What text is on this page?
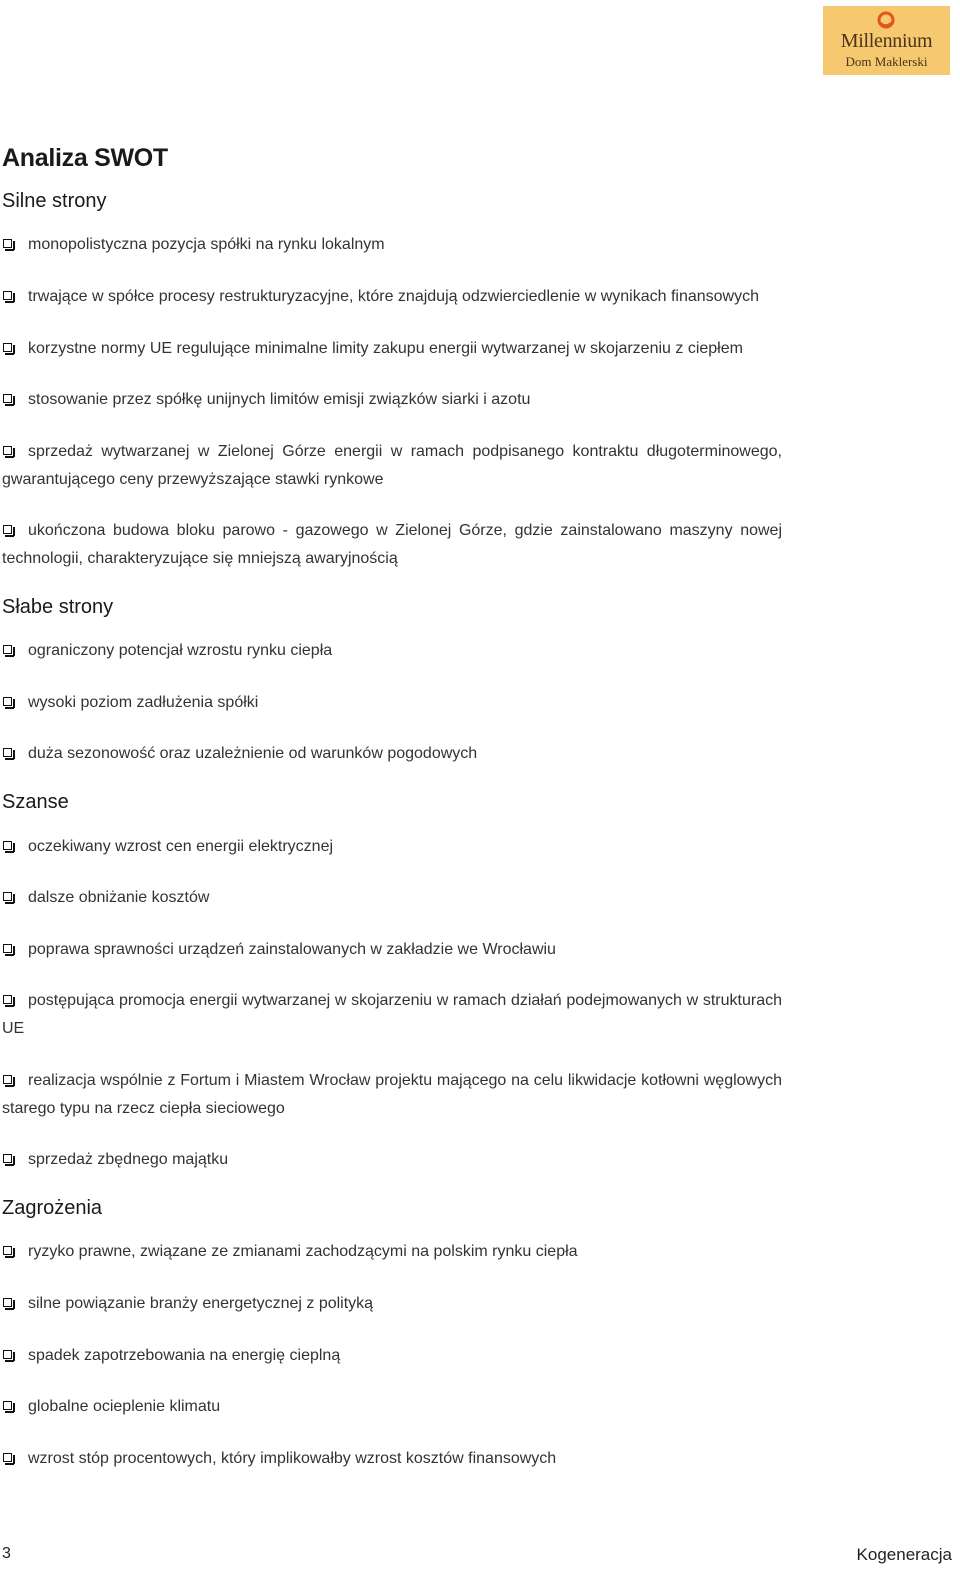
Millennium
Dom Maklerski
Analiza SWOT
Silne strony
monopolistyczna pozycja spółki na rynku lokalnym
trwające w spółce procesy restrukturyzacyjne, które znajdują odzwierciedlenie w wynikach finansowych
korzystne normy UE regulujące minimalne limity zakupu energii wytwarzanej w skojarzeniu z ciepłem
stosowanie przez spółkę unijnych limitów emisji związków siarki i azotu
sprzedaż wytwarzanej w Zielonej Górze energii w ramach podpisanego kontraktu długoterminowego, gwarantującego ceny przewyższające stawki rynkowe
ukończona budowa bloku parowo - gazowego w Zielonej Górze, gdzie zainstalowano maszyny nowej technologii, charakteryzujące się mniejszą awaryjnością
Słabe strony
ograniczony potencjał wzrostu rynku ciepła
wysoki poziom zadłużenia spółki
duża sezonowość oraz uzależnienie od warunków pogodowych
Szanse
oczekiwany wzrost cen energii elektrycznej
dalsze obniżanie kosztów
poprawa sprawności urządzeń zainstalowanych w zakładzie we Wrocławiu
postępująca promocja energii wytwarzanej w skojarzeniu w ramach działań podejmowanych w strukturach UE
realizacja wspólnie z Fortum i Miastem Wrocław projektu mającego na celu likwidacje kotłowni węglowych starego typu na rzecz ciepła sieciowego
sprzedaż zbędnego majątku
Zagrożenia
ryzyko prawne, związane ze zmianami zachodzącymi na polskim rynku ciepła
silne powiązanie branży energetycznej z polityką
spadek zapotrzebowania na energię cieplną
globalne ocieplenie klimatu
wzrost stóp procentowych, który implikowałby wzrost kosztów finansowych
3	Kogeneracja
